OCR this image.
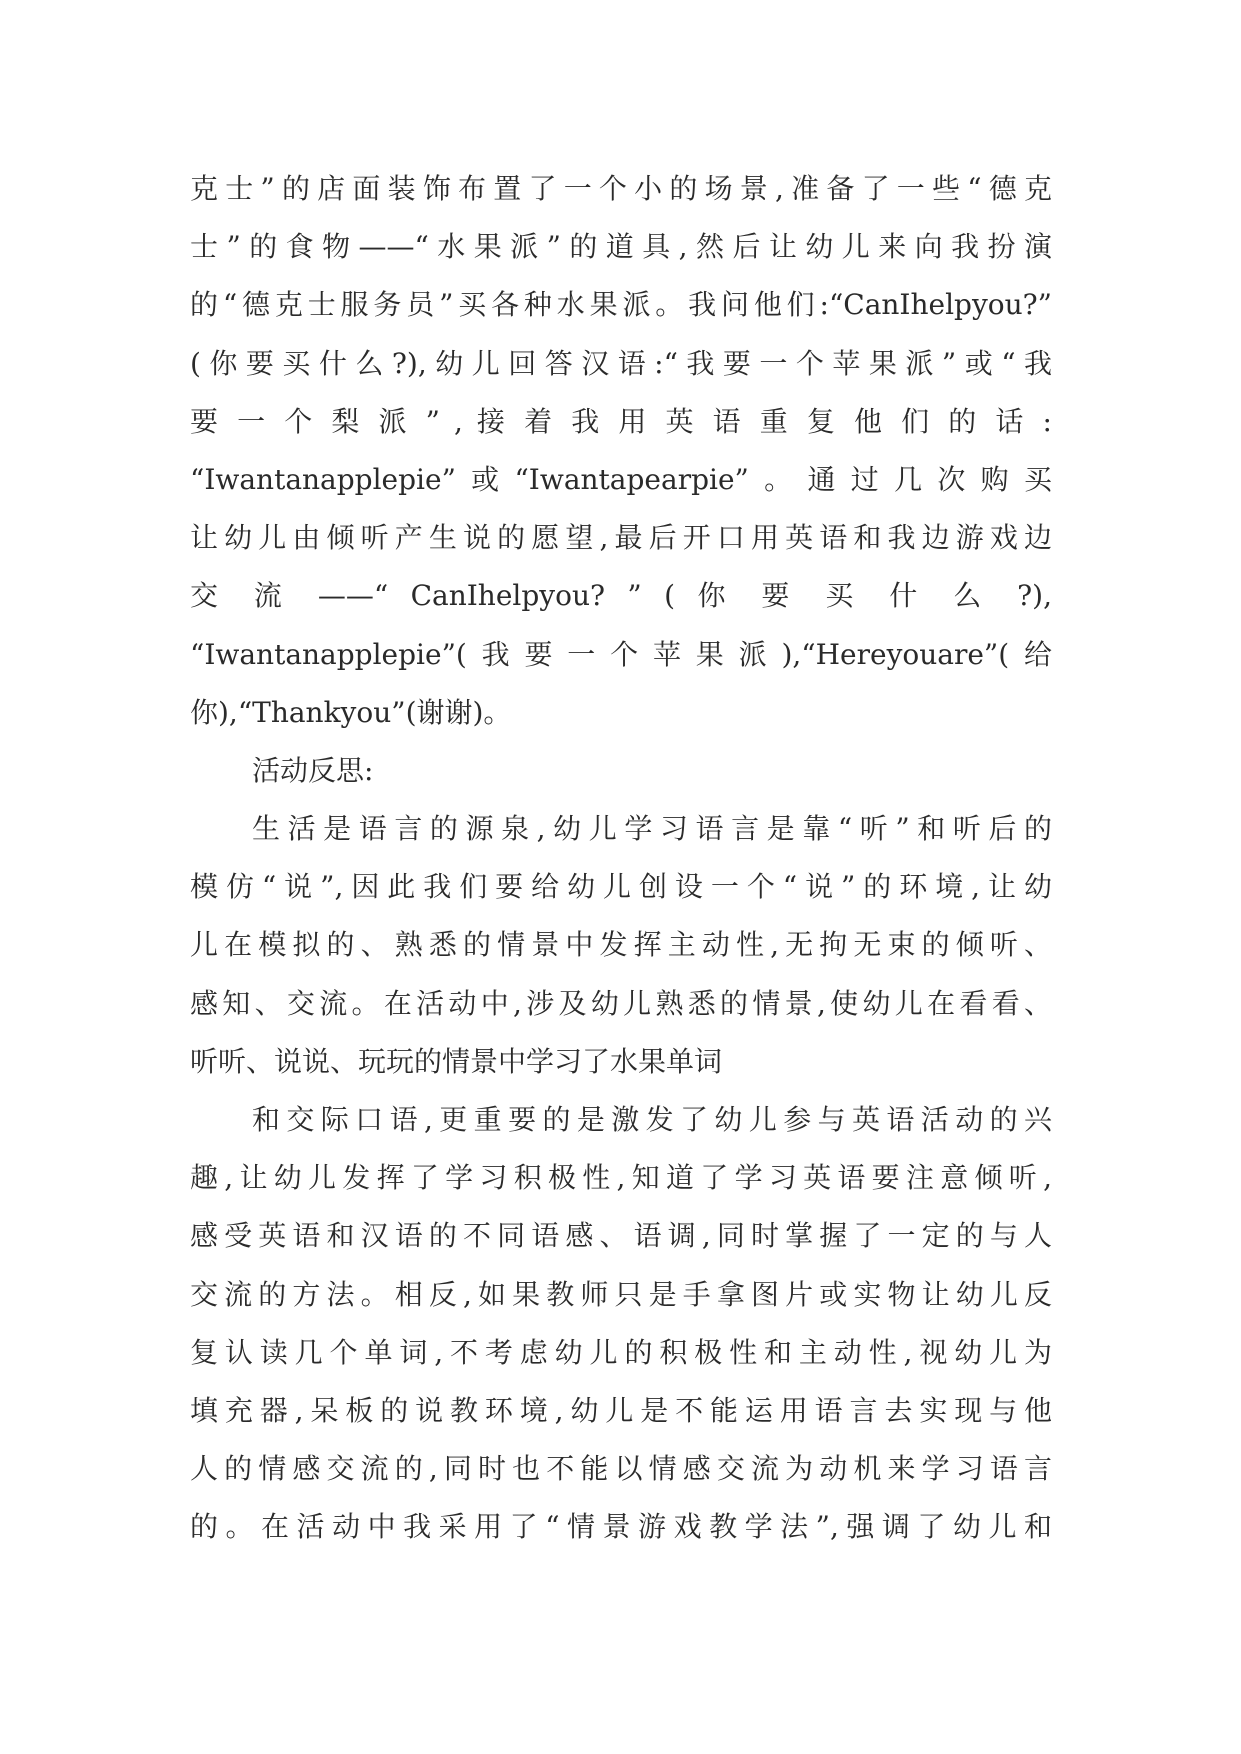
克士”的店面装饰布置了一个小的场景,准备了一些“德克
士”的食物——“水果派”的道具,然后让幼儿来向我扮演
的“德克士服务员”买各种水果派。我问他们:“CanIhelpyou?”
(你要买什么?),幼儿回答汉语:“我要一个苹果派”或“我
要 一 个 梨 派 ” , 接 着 我 用 英 语 重 复 他 们 的 话 :
“Iwantanapplepie”或“Iwantapearpie”。通过几次购买
让幼儿由倾听产生说的愿望,最后开口用英语和我边游戏边
交 流 ——“ CanIhelpyou? ” ( 你 要 买 什 么 ?),
“Iwantanapplepie”(我要一个苹果派),“Hereyouare”(给
你),“Thankyou”(谢谢)。
活动反思:
生活是语言的源泉,幼儿学习语言是靠“听”和听后的
模仿“说”,因此我们要给幼儿创设一个“说”的环境,让幼
儿在模拟的、熟悉的情景中发挥主动性,无拘无束的倾听、
感知、交流。在活动中,涉及幼儿熟悉的情景,使幼儿在看看、
听听、说说、玩玩的情景中学习了水果单词
和交际口语,更重要的是激发了幼儿参与英语活动的兴
趣,让幼儿发挥了学习积极性,知道了学习英语要注意倾听,
感受英语和汉语的不同语感、语调,同时掌握了一定的与人
交流的方法。相反,如果教师只是手拿图片或实物让幼儿反
复认读几个单词,不考虑幼儿的积极性和主动性,视幼儿为
填充器,呆板的说教环境,幼儿是不能运用语言去实现与他
人的情感交流的,同时也不能以情感交流为动机来学习语言
的。在活动中我采用了“情景游戏教学法”,强调了幼儿和
